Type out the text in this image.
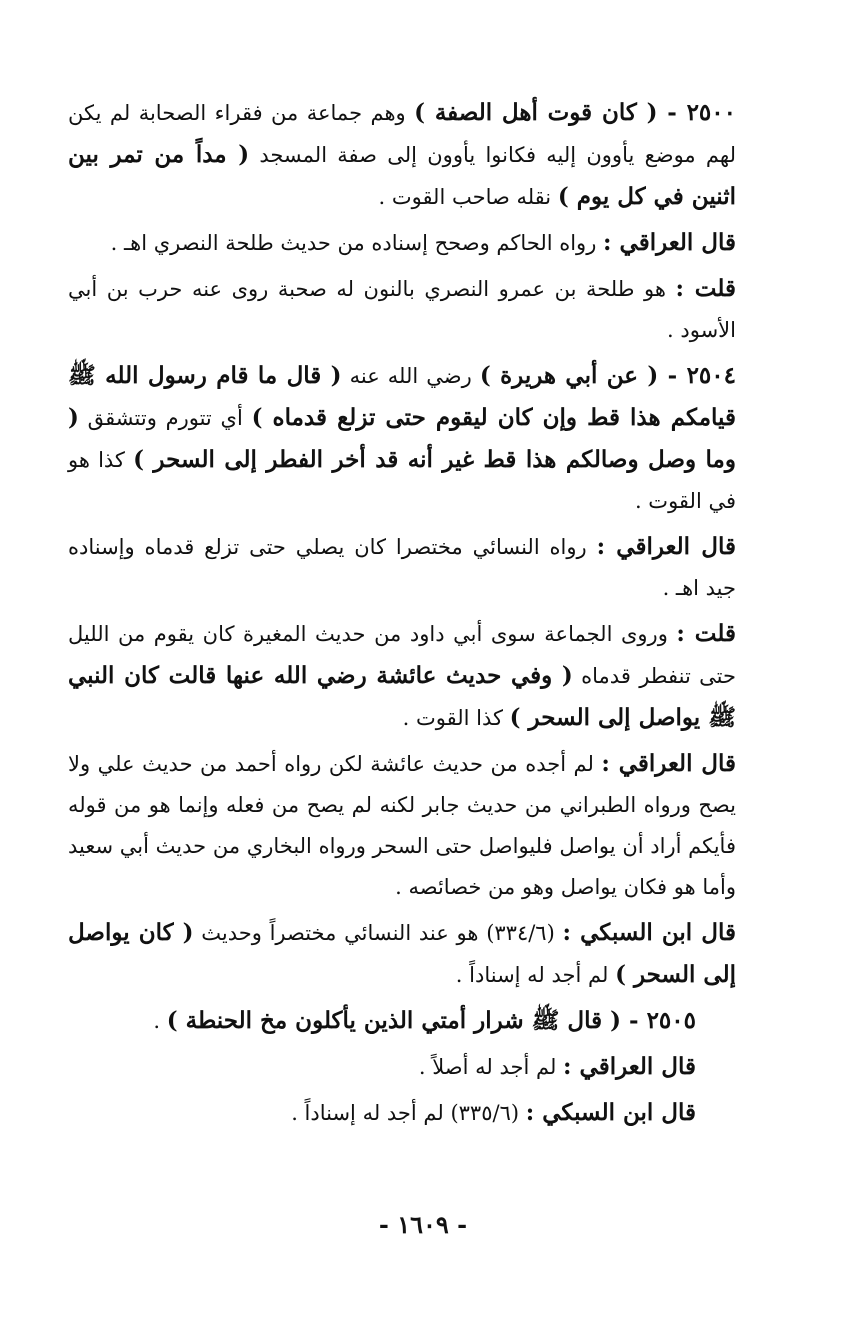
٢٥٠٠ - ( كان قوت أهل الصفة ) وهم جماعة من فقراء الصحابة لم يكن لهم موضع يأوون إليه فكانوا يأوون إلى صفة المسجد ( مداً من تمر بين اثنين في كل يوم ) نقله صاحب القوت .

قال العراقي : رواه الحاكم وصحح إسناده من حديث طلحة النصري اهـ .

قلت : هو طلحة بن عمرو النصري بالنون له صحبة روى عنه حرب بن أبي الأسود .

٢٥٠٤ - ( عن أبي هريرة ) رضي الله عنه ( قال ما قام رسول الله ﷺ قيامكم هذا قط وإن كان ليقوم حتى تزلع قدماه ) أي تتورم وتتشقق ( وما وصل وصالكم هذا قط غير أنه قد أخر الفطر إلى السحر ) كذا هو في القوت .

قال العراقي : رواه النسائي مختصرا كان يصلي حتى تزلع قدماه وإسناده جيد اهـ .

قلت : وروى الجماعة سوى أبي داود من حديث المغيرة كان يقوم من الليل حتى تنفطر قدماه ( وفي حديث عائشة رضي الله عنها قالت كان النبي ﷺ يواصل إلى السحر ) كذا القوت .

قال العراقي : لم أجده من حديث عائشة لكن رواه أحمد من حديث علي ولا يصح ورواه الطبراني من حديث جابر لكنه لم يصح من فعله وإنما هو من قوله فأيكم أراد أن يواصل فليواصل حتى السحر ورواه البخاري من حديث أبي سعيد وأما هو فكان يواصل وهو من خصائصه .

قال ابن السبكي : (٣٣٤/٦) هو عند النسائي مختصراً وحديث ( كان يواصل إلى السحر ) لم أجد له إسناداً .

٢٥٠٥ - ( قال ﷺ شرار أمتي الذين يأكلون مخ الحنطة ) .

قال العراقي : لم أجد له أصلاً .

قال ابن السبكي : (٣٣٥/٦) لم أجد له إسناداً .

- ١٦٠٩ -
